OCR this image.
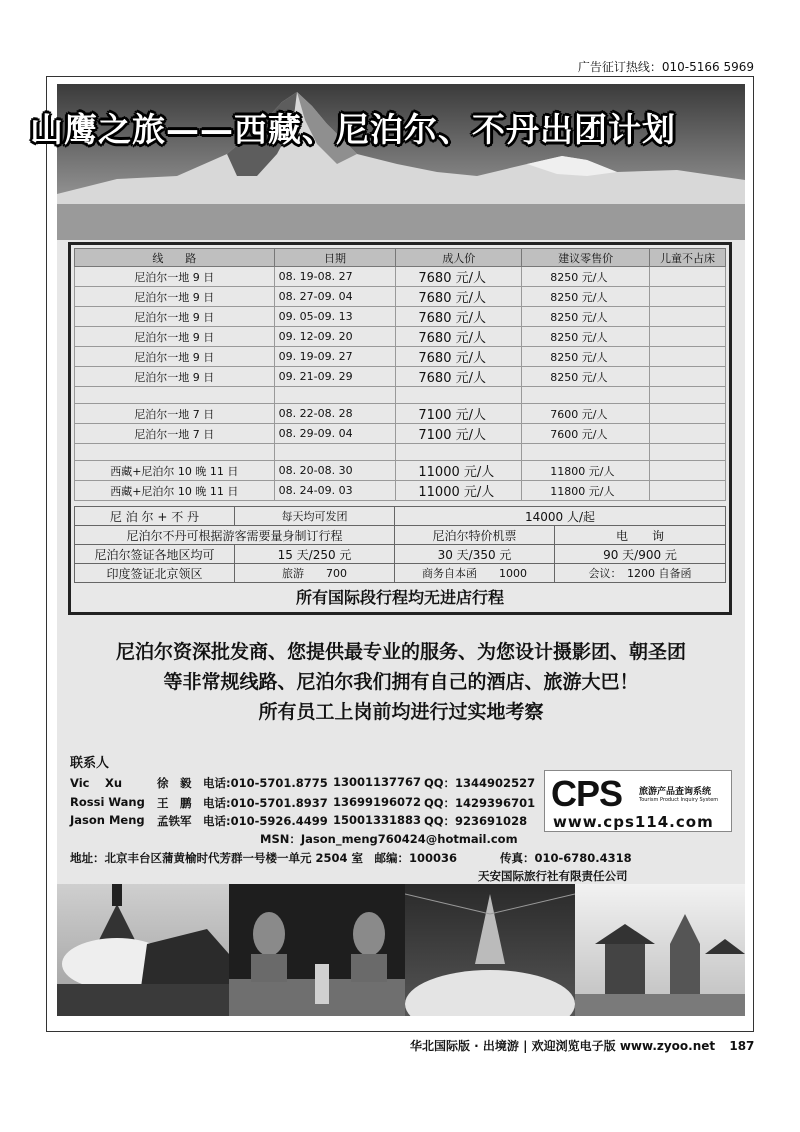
广告征订热线：010-5166 5969
山鹰之旅——西藏、尼泊尔、不丹出团计划
线　　路	日期	成人价	建议零售价	儿童不占床
尼泊尔一地 9 日	08. 19-08. 27	7680 元/人	8250 元/人	
尼泊尔一地 9 日	08. 27-09. 04	7680 元/人	8250 元/人	
尼泊尔一地 9 日	09. 05-09. 13	7680 元/人	8250 元/人	
尼泊尔一地 9 日	09. 12-09. 20	7680 元/人	8250 元/人	
尼泊尔一地 9 日	09. 19-09. 27	7680 元/人	8250 元/人	
尼泊尔一地 9 日	09. 21-09. 29	7680 元/人	8250 元/人	

尼泊尔一地 7 日	08. 22-08. 28	7100 元/人	7600 元/人	
尼泊尔一地 7 日	08. 29-09. 04	7100 元/人	7600 元/人	

西藏+尼泊尔 10 晚 11 日	08. 20-08. 30	11000 元/人	11800 元/人	
西藏+尼泊尔 10 晚 11 日	08. 24-09. 03	11000 元/人	11800 元/人	
尼 泊 尔 + 不 丹	每天均可发团	14000 人/起	
尼泊尔不丹可根据游客需要量身制订行程		尼泊尔特价机票	电　　询
尼泊尔签证各地区均可	15 天/250 元	30 天/350 元	90 天/900 元
印度签证北京领区	旅游　　700	商务自本函　　1000	会议：　1200 自备函
所有国际段行程均无进店行程
尼泊尔资深批发商、您提供最专业的服务、为您设计摄影团、朝圣团
等非常规线路、尼泊尔我们拥有自己的酒店、旅游大巴！
所有员工上岗前均进行过实地考察
联系人
Vic　 Xu	徐　毅 电话:010-5701.8775 13001137767 QQ：1344902527
Rossi Wang 王　鹏 电话:010-5701.8937 13699196072 QQ：1429396701
Jason Meng 孟铁军 电话:010-5926.4499 15001331883 QQ：923691028
MSN：Jason_meng760424@hotmail.com
地址：北京丰台区蒲黄榆时代芳群一号楼一单元 2504 室　邮编：100036	传真：010-6780.4318
天安国际旅行社有限责任公司
CPS 旅游产品查询系统
Tourism Product Inquiry System
www.cps114.com
华北国际版 · 出境游 | 欢迎浏览电子版 www.zyoo.net 187
